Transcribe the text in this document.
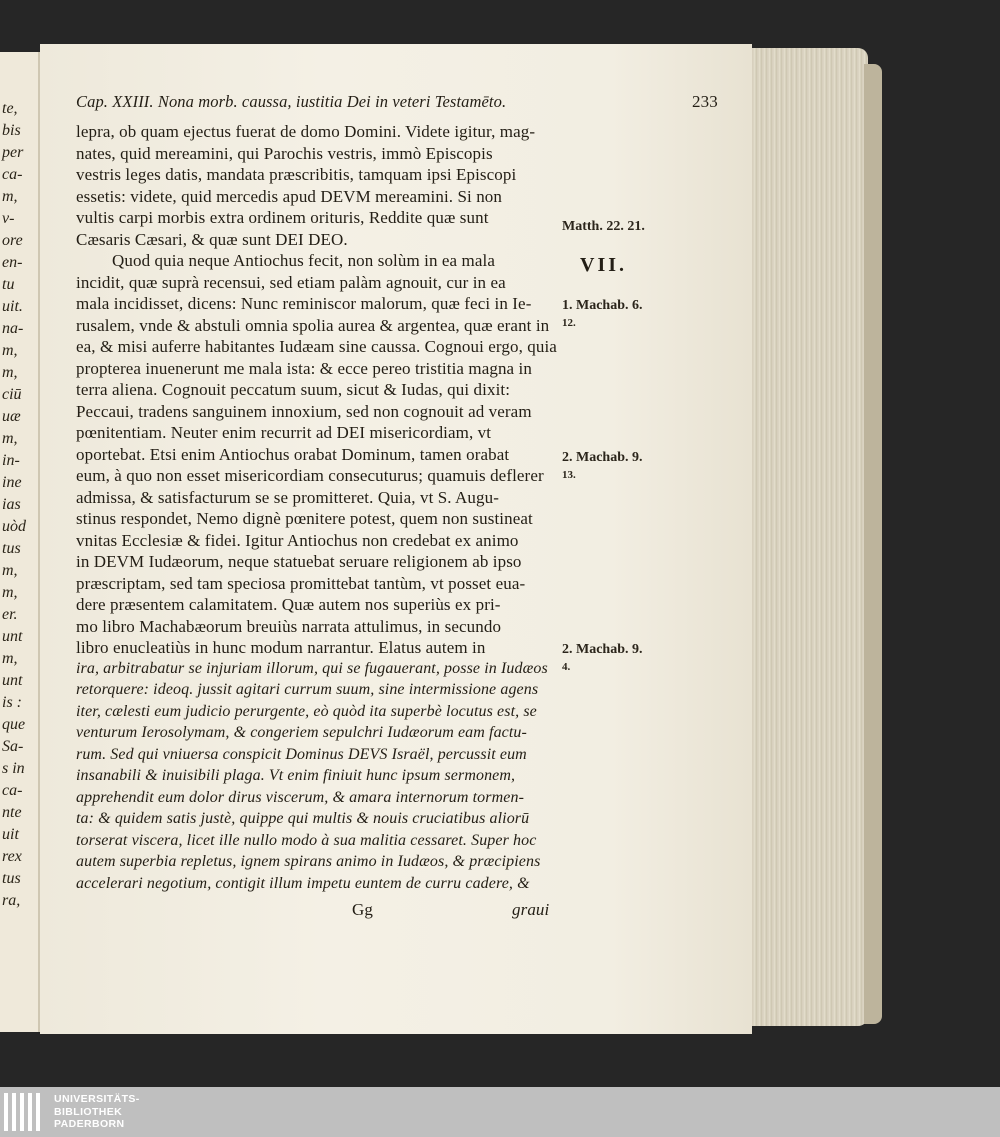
te,
bis
per
ca-
m,
v-
ore
en-
tu
uit.
na-
m,
m,
ciū
uæ
m,
in-
ine
ias
uòd
tus
m,
m,
er.
unt
m,
unt
is :
que
Sa-
s in
ca-
nte
uit
rex
tus
ra,
Cap. XXIII. Nona morb. caussa, iustitia Dei in veteri Testamēto.	233
lepra, ob quam ejectus fuerat de domo Domini. Videte igitur, mag-
nates, quid mereamini, qui Parochis vestris, immò Episcopis
vestris leges datis, mandata præscribitis, tamquam ipsi Episcopi
essetis: videte, quid mercedis apud DEVM mereamini. Si non
vultis carpi morbis extra ordinem orituris, Reddite quæ sunt
Cæsaris Cæsari, & quæ sunt DEI DEO.
Quod quia neque Antiochus fecit, non solùm in ea mala
incidit, quæ suprà recensui, sed etiam palàm agnouit, cur in ea
mala incidisset, dicens: Nunc reminiscor malorum, quæ feci in Ie-
rusalem, vnde & abstuli omnia spolia aurea & argentea, quæ erant in
ea, & misi auferre habitantes Iudæam sine caussa. Cognoui ergo, quia
propterea inuenerunt me mala ista: & ecce pereo tristitia magna in
terra aliena. Cognouit peccatum suum, sicut & Iudas, qui dixit:
Peccaui, tradens sanguinem innoxium, sed non cognouit ad veram
pœnitentiam. Neuter enim recurrit ad DEI misericordiam, vt
oportebat. Etsi enim Antiochus orabat Dominum, tamen orabat
eum, à quo non esset misericordiam consecuturus; quamuis deflerer
admissa, & satisfacturum se se promitteret. Quia, vt S. Augu-
stinus respondet, Nemo dignè pœnitere potest, quem non sustineat
vnitas Ecclesiæ & fidei. Igitur Antiochus non credebat ex animo
in DEVM Iudæorum, neque statuebat seruare religionem ab ipso
præscriptam, sed tam speciosa promittebat tantùm, vt posset eua-
dere præsentem calamitatem. Quæ autem nos superiùs ex pri-
mo libro Machabæorum breuiùs narrata attulimus, in secundo
libro enucleatiùs in hunc modum narrantur. Elatus autem in
ira, arbitrabatur se injuriam illorum, qui se fugauerant, posse in Iudæos
retorquere: ideoq. jussit agitari currum suum, sine intermissione agens
iter, cælesti eum judicio perurgente, eò quòd ita superbè locutus est, se
venturum Ierosolymam, & congeriem sepulchri Iudæorum eam factu-
rum. Sed qui vniuersa conspicit Dominus DEVS Israël, percussit eum
insanabili & inuisibili plaga. Vt enim finiuit hunc ipsum sermonem,
apprehendit eum dolor dirus viscerum, & amara internorum tormen-
ta: & quidem satis justè, quippe qui multis & nouis cruciatibus aliorū
torserat viscera, licet ille nullo modo à sua malitia cessaret. Super hoc
autem superbia repletus, ignem spirans animo in Iudæos, & præcipiens
accelerari negotium, contigit illum impetu euntem de curru cadere, &
Gg	graui
Matth. 22. 21.
VII.
1. Machab. 6.
12.
2. Machab. 9.
13.
2. Machab. 9.
4.
UNIVERSITÄTS-
BIBLIOTHEK
PADERBORN
